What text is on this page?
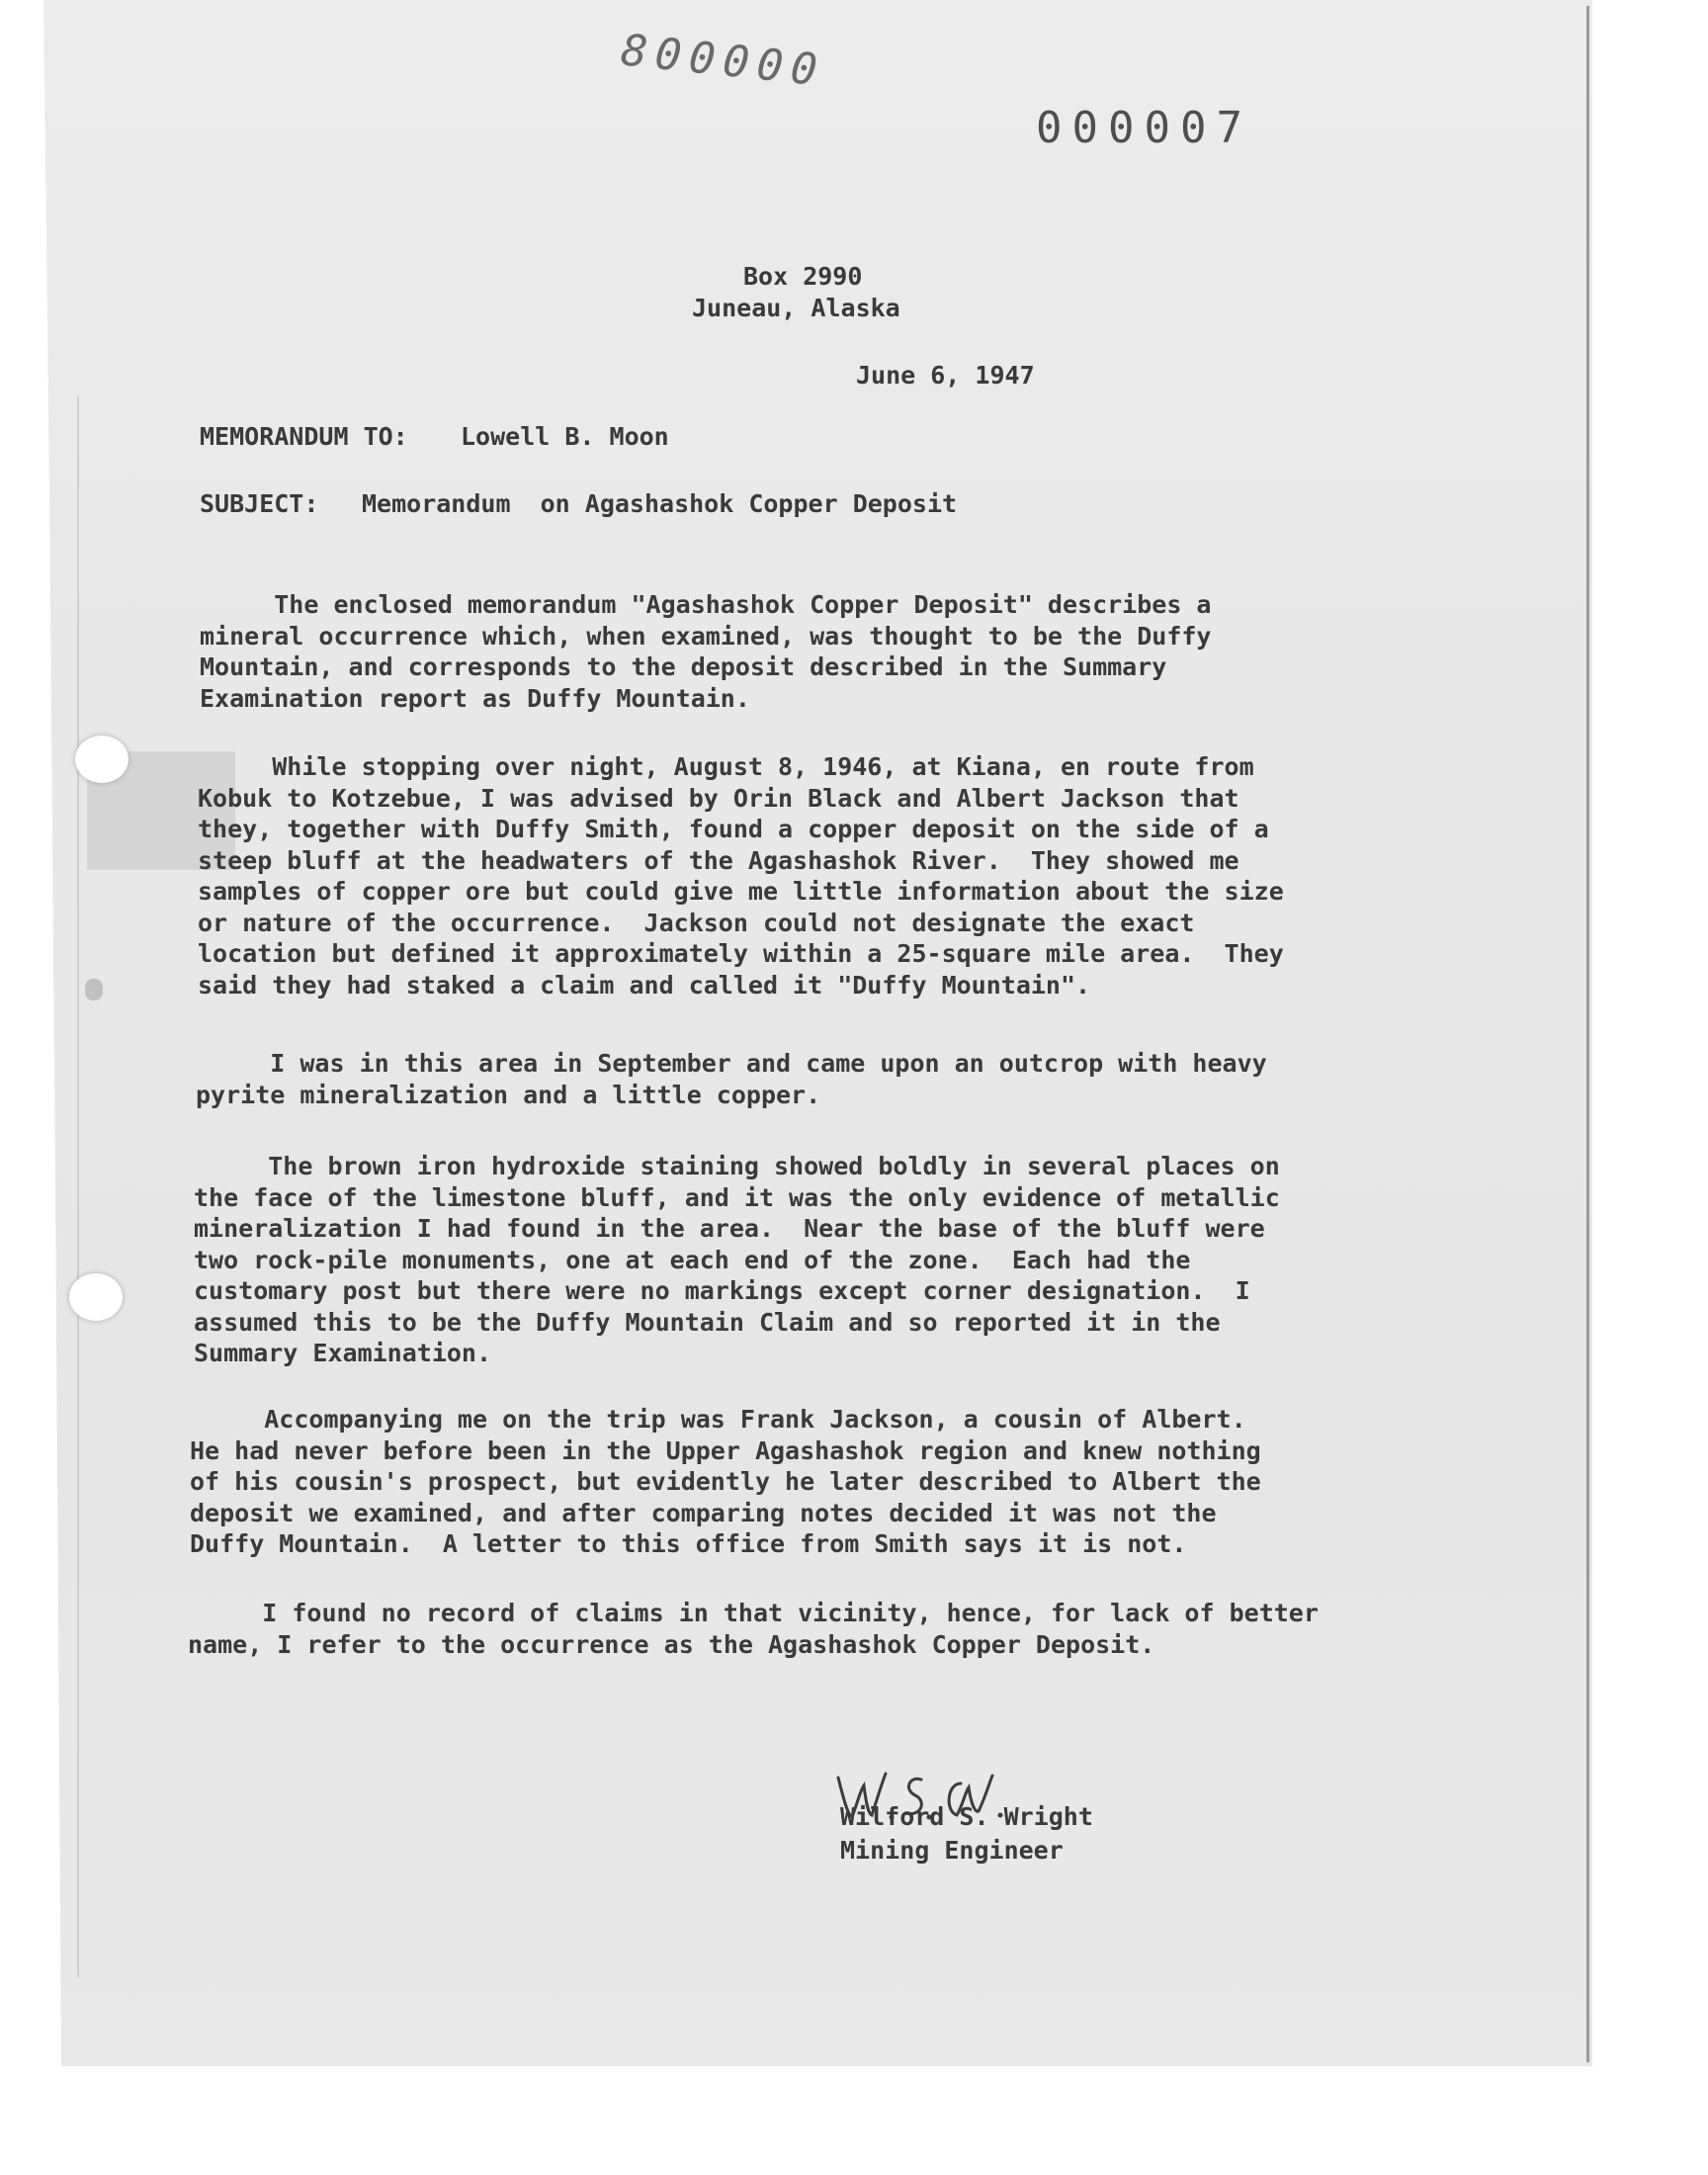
800000
000007
Box 2990
Juneau, Alaska
June 6, 1947
MEMORANDUM TO: Lowell B. Moon
SUBJECT: Memorandum  on Agashashok Copper Deposit
The enclosed memorandum "Agashashok Copper Deposit" describes a
mineral occurrence which, when examined, was thought to be the Duffy
Mountain, and corresponds to the deposit described in the Summary
Examination report as Duffy Mountain.
While stopping over night, August 8, 1946, at Kiana, en route from
Kobuk to Kotzebue, I was advised by Orin Black and Albert Jackson that
they, together with Duffy Smith, found a copper deposit on the side of a
steep bluff at the headwaters of the Agashashok River.  They showed me
samples of copper ore but could give me little information about the size
or nature of the occurrence.  Jackson could not designate the exact
location but defined it approximately within a 25-square mile area.  They
said they had staked a claim and called it "Duffy Mountain".
I was in this area in September and came upon an outcrop with heavy
pyrite mineralization and a little copper.
The brown iron hydroxide staining showed boldly in several places on
the face of the limestone bluff, and it was the only evidence of metallic
mineralization I had found in the area.  Near the base of the bluff were
two rock-pile monuments, one at each end of the zone.  Each had the
customary post but there were no markings except corner designation.  I
assumed this to be the Duffy Mountain Claim and so reported it in the
Summary Examination.
Accompanying me on the trip was Frank Jackson, a cousin of Albert.
He had never before been in the Upper Agashashok region and knew nothing
of his cousin's prospect, but evidently he later described to Albert the
deposit we examined, and after comparing notes decided it was not the
Duffy Mountain.  A letter to this office from Smith says it is not.
I found no record of claims in that vicinity, hence, for lack of better
name, I refer to the occurrence as the Agashashok Copper Deposit.
Wilford S. Wright
Mining Engineer
